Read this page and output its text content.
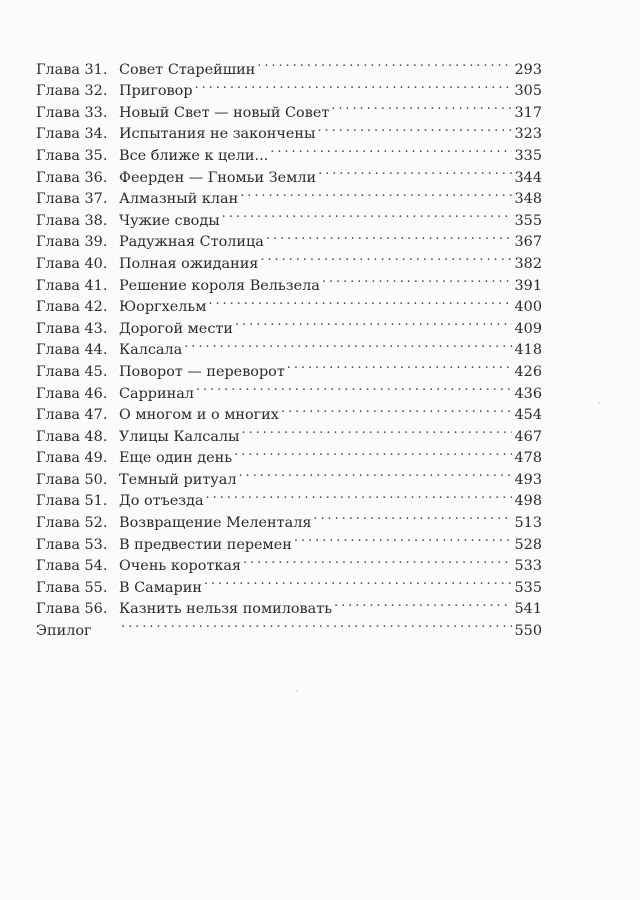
Глава 31. Совет Старейшин . . .	293
Глава 32. Приговор . . .	305
Глава 33. Новый Свет — новый Совет . . .	317
Глава 34. Испытания не закончены . . .	323
Глава 35. Все ближе к цели... . . .	335
Глава 36. Феерден — Гномьи Земли . . .	344
Глава 37. Алмазный клан . . .	348
Глава 38. Чужие своды . . .	355
Глава 39. Радужная Столица . . .	367
Глава 40. Полная ожидания . . .	382
Глава 41. Решение короля Вельзела . . .	391
Глава 42. Юоргхельм . . .	400
Глава 43. Дорогой мести . . .	409
Глава 44. Калсала . . .	418
Глава 45. Поворот — переворот . . .	426
Глава 46. Сарринал . . .	436
Глава 47. О многом и о многих . . .	454
Глава 48. Улицы Калсалы . . .	467
Глава 49. Еще один день . . .	478
Глава 50. Темный ритуал . . .	493
Глава 51. До отъезда . . .	498
Глава 52. Возвращение Меленталя . . .	513
Глава 53. В предвестии перемен . . .	528
Глава 54. Очень короткая . . .	533
Глава 55. В Самарин . . .	535
Глава 56. Казнить нельзя помиловать . . .	541
Эпилог . . .	550
